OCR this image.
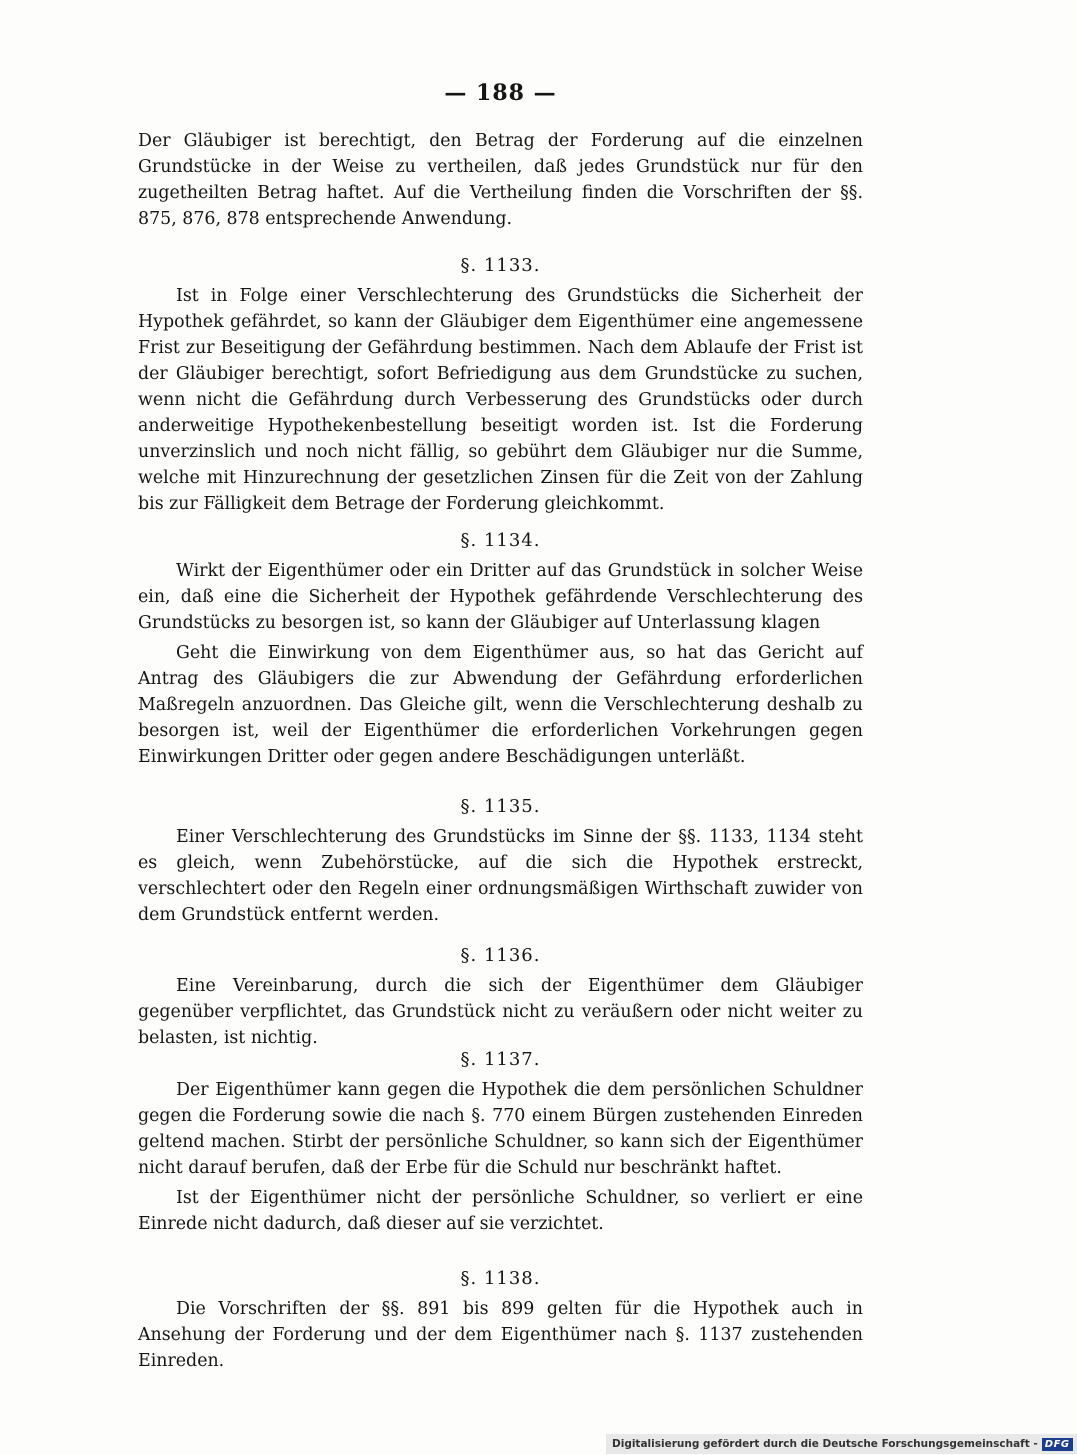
— 188 —

Der Gläubiger ist berechtigt, den Betrag der Forderung auf die einzelnen Grundstücke in der Weise zu vertheilen, daß jedes Grundstück nur für den zugetheilten Betrag haftet. Auf die Vertheilung finden die Vorschriften der §§. 875, 876, 878 entsprechende Anwendung.

§. 1133.

Ist in Folge einer Verschlechterung des Grundstücks die Sicherheit der Hypothek gefährdet, so kann der Gläubiger dem Eigenthümer eine angemessene Frist zur Beseitigung der Gefährdung bestimmen. Nach dem Ablaufe der Frist ist der Gläubiger berechtigt, sofort Befriedigung aus dem Grundstücke zu suchen, wenn nicht die Gefährdung durch Verbesserung des Grundstücks oder durch anderweitige Hypothekenbestellung beseitigt worden ist. Ist die Forderung unverzinslich und noch nicht fällig, so gebührt dem Gläubiger nur die Summe, welche mit Hinzurechnung der gesetzlichen Zinsen für die Zeit von der Zahlung bis zur Fälligkeit dem Betrage der Forderung gleichkommt.

§. 1134.

Wirkt der Eigenthümer oder ein Dritter auf das Grundstück in solcher Weise ein, daß eine die Sicherheit der Hypothek gefährdende Verschlechterung des Grundstücks zu besorgen ist, so kann der Gläubiger auf Unterlassung klagen

Geht die Einwirkung von dem Eigenthümer aus, so hat das Gericht auf Antrag des Gläubigers die zur Abwendung der Gefährdung erforderlichen Maßregeln anzuordnen. Das Gleiche gilt, wenn die Verschlechterung deshalb zu besorgen ist, weil der Eigenthümer die erforderlichen Vorkehrungen gegen Einwirkungen Dritter oder gegen andere Beschädigungen unterläßt.

§. 1135.

Einer Verschlechterung des Grundstücks im Sinne der §§. 1133, 1134 steht es gleich, wenn Zubehörstücke, auf die sich die Hypothek erstreckt, verschlechtert oder den Regeln einer ordnungsmäßigen Wirthschaft zuwider von dem Grundstück entfernt werden.

§. 1136.

Eine Vereinbarung, durch die sich der Eigenthümer dem Gläubiger gegenüber verpflichtet, das Grundstück nicht zu veräußern oder nicht weiter zu belasten, ist nichtig.

§. 1137.

Der Eigenthümer kann gegen die Hypothek die dem persönlichen Schuldner gegen die Forderung sowie die nach §. 770 einem Bürgen zustehenden Einreden geltend machen. Stirbt der persönliche Schuldner, so kann sich der Eigenthümer nicht darauf berufen, daß der Erbe für die Schuld nur beschränkt haftet.

Ist der Eigenthümer nicht der persönliche Schuldner, so verliert er eine Einrede nicht dadurch, daß dieser auf sie verzichtet.

§. 1138.

Die Vorschriften der §§. 891 bis 899 gelten für die Hypothek auch in Ansehung der Forderung und der dem Eigenthümer nach §. 1137 zustehenden Einreden.

Digitalisierung gefördert durch die Deutsche Forschungsgemeinschaft - DFG
